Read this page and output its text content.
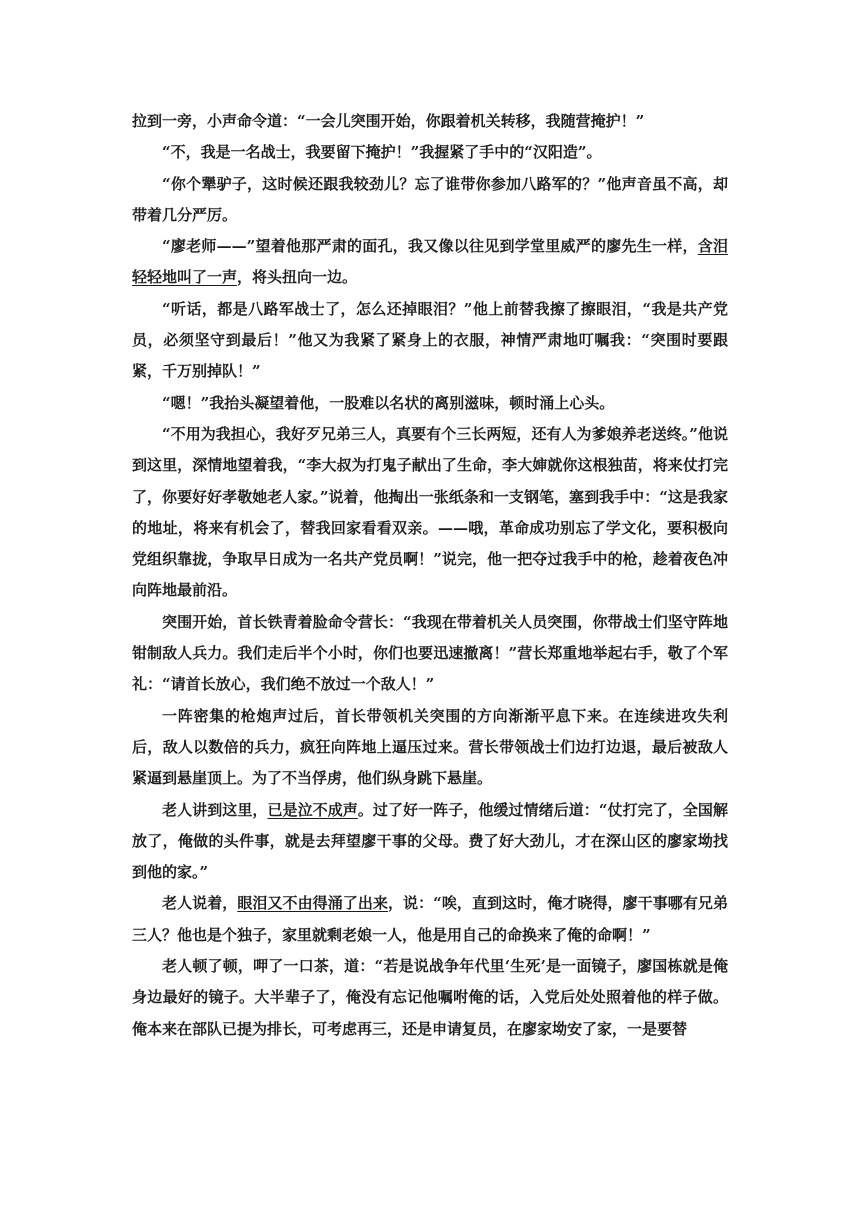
拉到一旁，小声命令道：“一会儿突围开始，你跟着机关转移，我随营掩护！”

“不，我是一名战士，我要留下掩护！”我握紧了手中的“汉阳造”。

“你个犟驴子，这时候还跟我较劲儿？忘了谁带你参加八路军的？”他声音虽不高，却带着几分严厉。

“廖老师——”望着他那严肃的面孔，我又像以往见到学堂里威严的廖先生一样，含泪轻轻地叫了一声，将头扭向一边。

“听话，都是八路军战士了，怎么还掉眼泪？”他上前替我擦了擦眼泪，“我是共产党员，必须坚守到最后！”他又为我紧了紧身上的衣服，神情严肃地叮嘱我：“突围时要跟紧，千万别掉队！”

“嗯！”我抬头凝望着他，一股难以名状的离别滋味，顿时涌上心头。

“不用为我担心，我好歹兄弟三人，真要有个三长两短，还有人为爹娘养老送终。”他说到这里，深情地望着我，“李大叔为打鬼子献出了生命，李大婶就你这根独苗，将来仗打完了，你要好好孝敬她老人家。”说着，他掏出一张纸条和一支钢笔，塞到我手中：“这是我家的地址，将来有机会了，替我回家看看双亲。——哦，革命成功别忘了学文化，要积极向党组织靠拢，争取早日成为一名共产党员啊！”说完，他一把夺过我手中的枪，趁着夜色冲向阵地最前沿。

突围开始，首长铁青着脸命令营长：“我现在带着机关人员突围，你带战士们坚守阵地钳制敌人兵力。我们走后半个小时，你们也要迅速撤离！”营长郑重地举起右手，敬了个军礼：“请首长放心，我们绝不放过一个敌人！”

一阵密集的枪炮声过后，首长带领机关突围的方向渐渐平息下来。在连续进攻失利后，敌人以数倍的兵力，疯狂向阵地上逼压过来。营长带领战士们边打边退，最后被敌人紧逼到悬崖顶上。为了不当俘虏，他们纵身跳下悬崖。

老人讲到这里，已是泣不成声。过了好一阵子，他缓过情绪后道：“仗打完了，全国解放了，俺做的头件事，就是去拜望廖干事的父母。费了好大劲儿，才在深山区的廖家坳找到他的家。”

老人说着，眼泪又不由得涌了出来，说：“唉，直到这时，俺才晓得，廖干事哪有兄弟三人？他也是个独子，家里就剩老娘一人，他是用自己的命换来了俺的命啊！”

老人顿了顿，呷了一口茶，道：“若是说战争年代里‘生死’是一面镜子，廖国栋就是俺身边最好的镜子。大半辈子了，俺没有忘记他嘱咐俺的话，入党后处处照着他的样子做。俺本来在部队已提为排长，可考虑再三，还是申请复员，在廖家坳安了家，一是要替
